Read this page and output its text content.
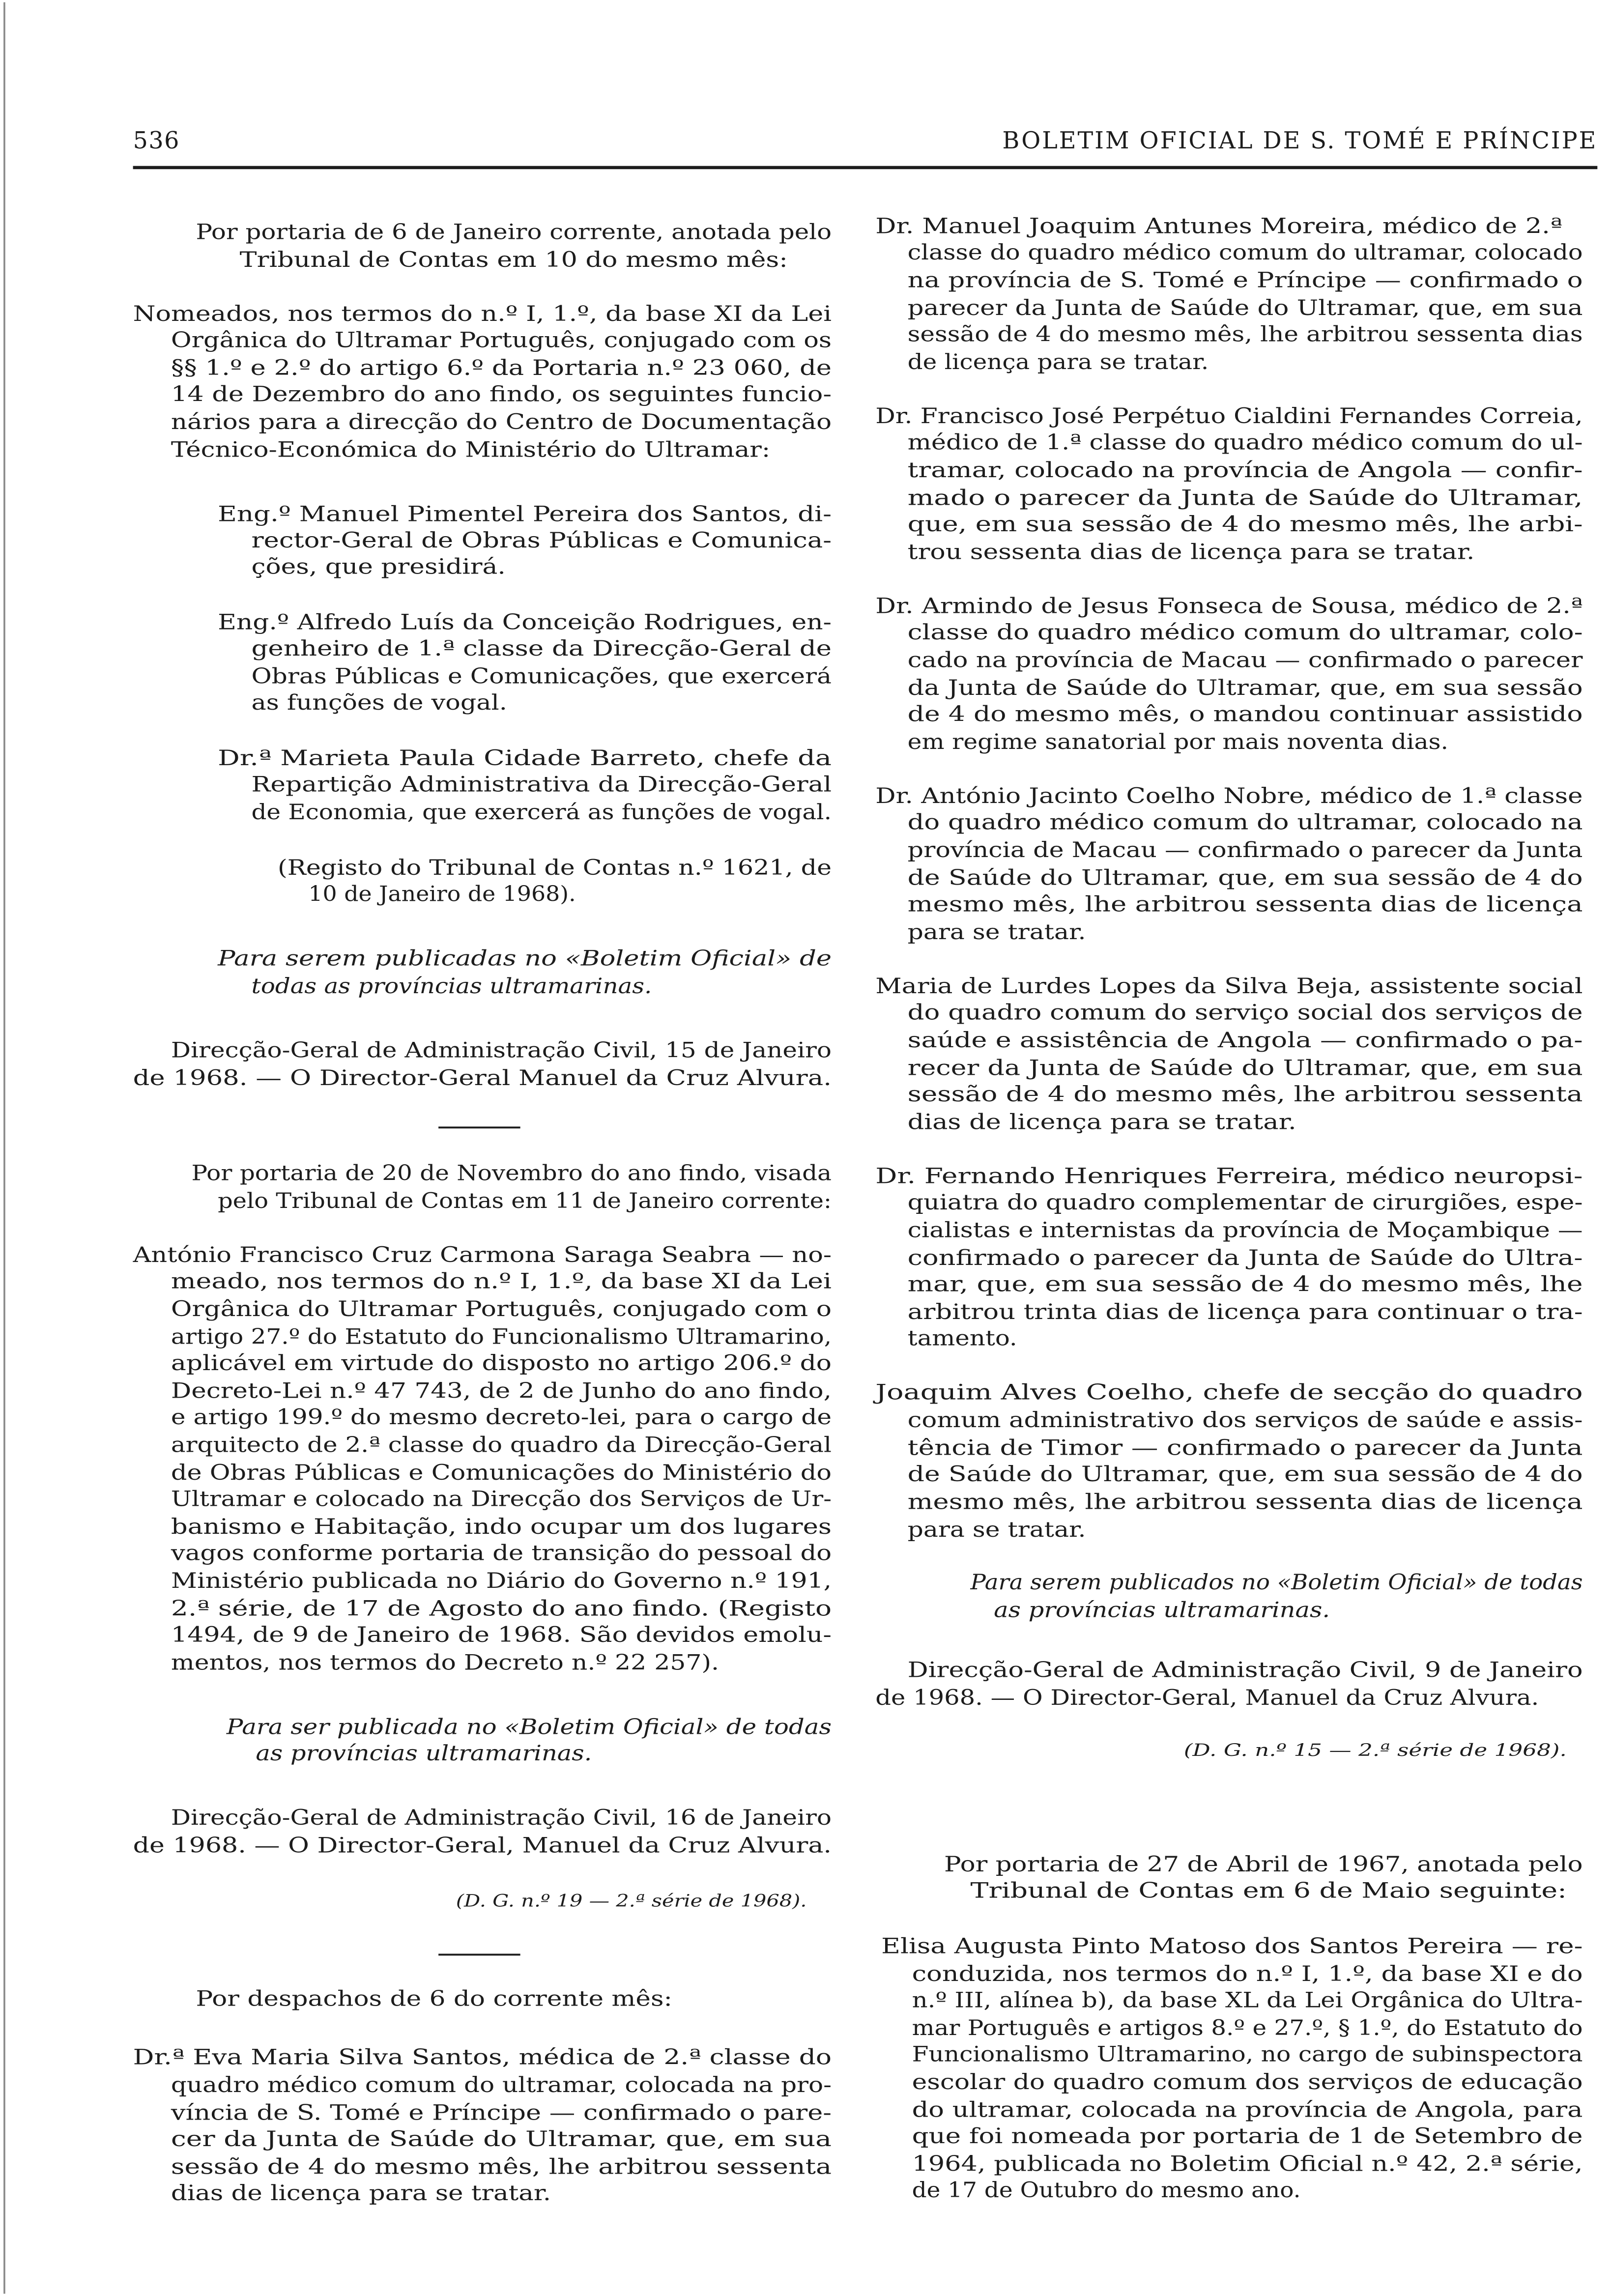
536	BOLETIM OFICIAL DE S. TOMÉ E PRÍNCIPE
Por portaria de 6 de Janeiro corrente, anotada pelo
Tribunal de Contas em 10 do mesmo mês:
Nomeados, nos termos do n.º I, 1.º, da base XI da Lei
Orgânica do Ultramar Português, conjugado com os
§§ 1.º e 2.º do artigo 6.º da Portaria n.º 23 060, de
14 de Dezembro do ano findo, os seguintes funcio-
nários para a direcção do Centro de Documentação
Técnico-Económica do Ministério do Ultramar:
Eng.º Manuel Pimentel Pereira dos Santos, di-
rector-Geral de Obras Públicas e Comunica-
ções, que presidirá.
Eng.º Alfredo Luís da Conceição Rodrigues, en-
genheiro de 1.ª classe da Direcção-Geral de
Obras Públicas e Comunicações, que exercerá
as funções de vogal.
Dr.ª Marieta Paula Cidade Barreto, chefe da
Repartição Administrativa da Direcção-Geral
de Economia, que exercerá as funções de vogal.
(Registo do Tribunal de Contas n.º 1621, de
10 de Janeiro de 1968).
Para serem publicadas no «Boletim Oficial» de
todas as províncias ultramarinas.
Direcção-Geral de Administração Civil, 15 de Janeiro
de 1968. — O Director-Geral Manuel da Cruz Alvura.
Por portaria de 20 de Novembro do ano findo, visada
pelo Tribunal de Contas em 11 de Janeiro corrente:
António Francisco Cruz Carmona Saraga Seabra — no-
meado, nos termos do n.º I, 1.º, da base XI da Lei
Orgânica do Ultramar Português, conjugado com o
artigo 27.º do Estatuto do Funcionalismo Ultramarino,
aplicável em virtude do disposto no artigo 206.º do
Decreto-Lei n.º 47 743, de 2 de Junho do ano findo,
e artigo 199.º do mesmo decreto-lei, para o cargo de
arquitecto de 2.ª classe do quadro da Direcção-Geral
de Obras Públicas e Comunicações do Ministério do
Ultramar e colocado na Direcção dos Serviços de Ur-
banismo e Habitação, indo ocupar um dos lugares
vagos conforme portaria de transição do pessoal do
Ministério publicada no Diário do Governo n.º 191,
2.ª série, de 17 de Agosto do ano findo. (Registo
1494, de 9 de Janeiro de 1968. São devidos emolu-
mentos, nos termos do Decreto n.º 22 257).
Para ser publicada no «Boletim Oficial» de todas
as províncias ultramarinas.
Direcção-Geral de Administração Civil, 16 de Janeiro
de 1968. — O Director-Geral, Manuel da Cruz Alvura.
(D. G. n.º 19 — 2.ª série de 1968).
Por despachos de 6 do corrente mês:
Dr.ª Eva Maria Silva Santos, médica de 2.ª classe do
quadro médico comum do ultramar, colocada na pro-
víncia de S. Tomé e Príncipe — confirmado o pare-
cer da Junta de Saúde do Ultramar, que, em sua
sessão de 4 do mesmo mês, lhe arbitrou sessenta
dias de licença para se tratar.
Dr. Manuel Joaquim Antunes Moreira, médico de 2.ª
classe do quadro médico comum do ultramar, colocado
na província de S. Tomé e Príncipe — confirmado o
parecer da Junta de Saúde do Ultramar, que, em sua
sessão de 4 do mesmo mês, lhe arbitrou sessenta dias
de licença para se tratar.
Dr. Francisco José Perpétuo Cialdini Fernandes Correia,
médico de 1.ª classe do quadro médico comum do ul-
tramar, colocado na província de Angola — confir-
mado o parecer da Junta de Saúde do Ultramar,
que, em sua sessão de 4 do mesmo mês, lhe arbi-
trou sessenta dias de licença para se tratar.
Dr. Armindo de Jesus Fonseca de Sousa, médico de 2.ª
classe do quadro médico comum do ultramar, colo-
cado na província de Macau — confirmado o parecer
da Junta de Saúde do Ultramar, que, em sua sessão
de 4 do mesmo mês, o mandou continuar assistido
em regime sanatorial por mais noventa dias.
Dr. António Jacinto Coelho Nobre, médico de 1.ª classe
do quadro médico comum do ultramar, colocado na
província de Macau — confirmado o parecer da Junta
de Saúde do Ultramar, que, em sua sessão de 4 do
mesmo mês, lhe arbitrou sessenta dias de licença
para se tratar.
Maria de Lurdes Lopes da Silva Beja, assistente social
do quadro comum do serviço social dos serviços de
saúde e assistência de Angola — confirmado o pa-
recer da Junta de Saúde do Ultramar, que, em sua
sessão de 4 do mesmo mês, lhe arbitrou sessenta
dias de licença para se tratar.
Dr. Fernando Henriques Ferreira, médico neuropsi-
quiatra do quadro complementar de cirurgiões, espe-
cialistas e internistas da província de Moçambique —
confirmado o parecer da Junta de Saúde do Ultra-
mar, que, em sua sessão de 4 do mesmo mês, lhe
arbitrou trinta dias de licença para continuar o tra-
tamento.
Joaquim Alves Coelho, chefe de secção do quadro
comum administrativo dos serviços de saúde e assis-
tência de Timor — confirmado o parecer da Junta
de Saúde do Ultramar, que, em sua sessão de 4 do
mesmo mês, lhe arbitrou sessenta dias de licença
para se tratar.
Para serem publicados no «Boletim Oficial» de todas
as províncias ultramarinas.
Direcção-Geral de Administração Civil, 9 de Janeiro
de 1968. — O Director-Geral, Manuel da Cruz Alvura.
(D. G. n.º 15 — 2.ª série de 1968).
Por portaria de 27 de Abril de 1967, anotada pelo
Tribunal de Contas em 6 de Maio seguinte:
Elisa Augusta Pinto Matoso dos Santos Pereira — re-
conduzida, nos termos do n.º I, 1.º, da base XI e do
n.º III, alínea b), da base XL da Lei Orgânica do Ultra-
mar Português e artigos 8.º e 27.º, § 1.º, do Estatuto do
Funcionalismo Ultramarino, no cargo de subinspectora
escolar do quadro comum dos serviços de educação
do ultramar, colocada na província de Angola, para
que foi nomeada por portaria de 1 de Setembro de
1964, publicada no Boletim Oficial n.º 42, 2.ª série,
de 17 de Outubro do mesmo ano.
